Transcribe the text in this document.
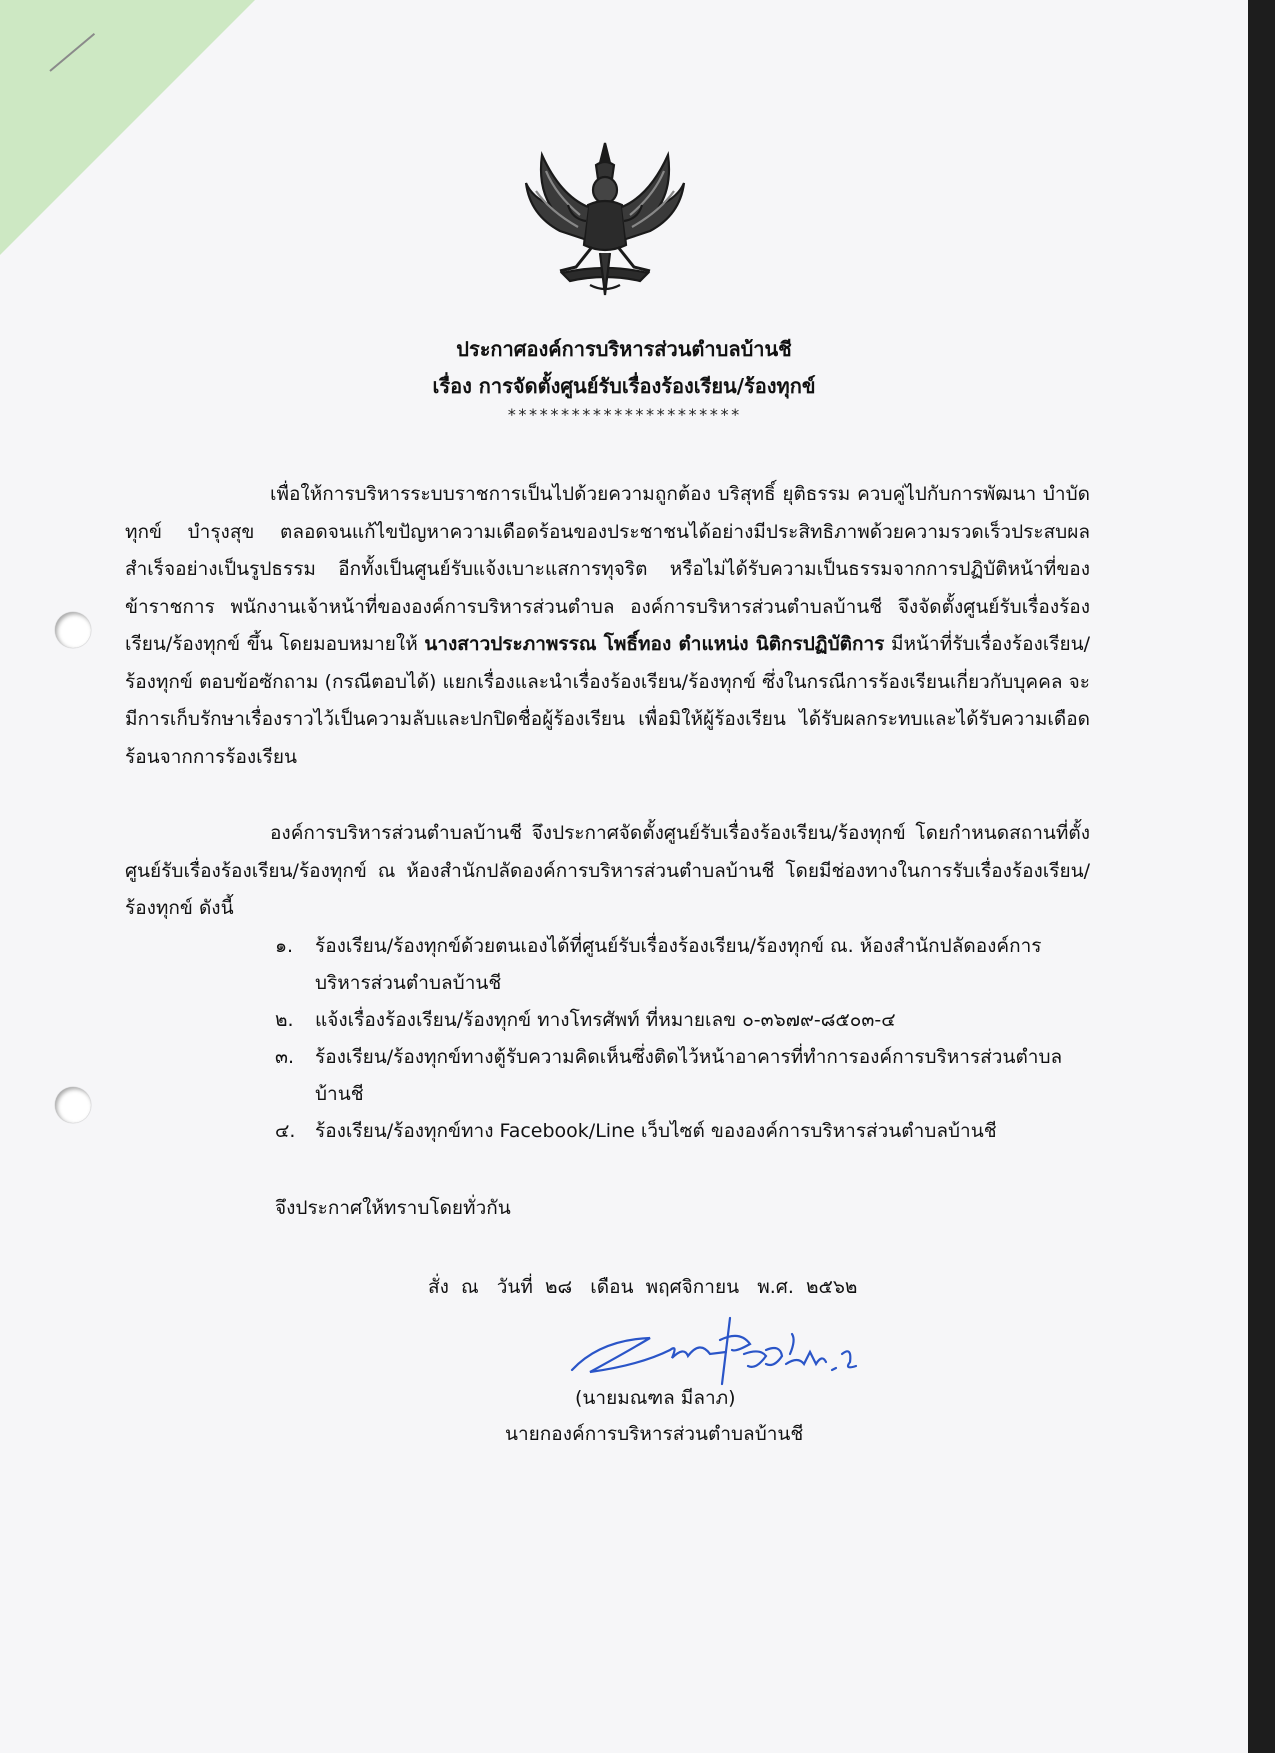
ประกาศองค์การบริหารส่วนตำบลบ้านชี
เรื่อง การจัดตั้งศูนย์รับเรื่องร้องเรียน/ร้องทุกข์
**********************
เพื่อให้การบริหารระบบราชการเป็นไปด้วยความถูกต้อง บริสุทธิ์ ยุติธรรม ควบคู่ไปกับการพัฒนา บำบัดทุกข์ บำรุงสุข ตลอดจนแก้ไขปัญหาความเดือดร้อนของประชาชนได้อย่างมีประสิทธิภาพด้วยความรวดเร็วประสบผลสำเร็จอย่างเป็นรูปธรรม อีกทั้งเป็นศูนย์รับแจ้งเบาะแสการทุจริต หรือไม่ได้รับความเป็นธรรมจากการปฏิบัติหน้าที่ของข้าราชการ พนักงานเจ้าหน้าที่ขององค์การบริหารส่วนตำบล องค์การบริหารส่วนตำบลบ้านชี จึงจัดตั้งศูนย์รับเรื่องร้องเรียน/ร้องทุกข์ ขึ้น โดยมอบหมายให้ นางสาวประภาพรรณ โพธิ์ทอง ตำแหน่ง นิติกรปฏิบัติการ มีหน้าที่รับเรื่องร้องเรียน/ร้องทุกข์ ตอบข้อซักถาม (กรณีตอบได้) แยกเรื่องและนำเรื่องร้องเรียน/ร้องทุกข์ ซึ่งในกรณีการร้องเรียนเกี่ยวกับบุคคล จะมีการเก็บรักษาเรื่องราวไว้เป็นความลับและปกปิดชื่อผู้ร้องเรียน เพื่อมิให้ผู้ร้องเรียน ได้รับผลกระทบและได้รับความเดือดร้อนจากการร้องเรียน
องค์การบริหารส่วนตำบลบ้านชี จึงประกาศจัดตั้งศูนย์รับเรื่องร้องเรียน/ร้องทุกข์ โดยกำหนดสถานที่ตั้งศูนย์รับเรื่องร้องเรียน/ร้องทุกข์ ณ ห้องสำนักปลัดองค์การบริหารส่วนตำบลบ้านชี โดยมีช่องทางในการรับเรื่องร้องเรียน/ร้องทุกข์ ดังนี้
๑. ร้องเรียน/ร้องทุกข์ด้วยตนเองได้ที่ศูนย์รับเรื่องร้องเรียน/ร้องทุกข์ ณ. ห้องสำนักปลัดองค์การบริหารส่วนตำบลบ้านชี
๒. แจ้งเรื่องร้องเรียน/ร้องทุกข์ ทางโทรศัพท์ ที่หมายเลข ๐-๓๖๗๙-๘๕๐๓-๔
๓. ร้องเรียน/ร้องทุกข์ทางตู้รับความคิดเห็นซึ่งติดไว้หน้าอาคารที่ทำการองค์การบริหารส่วนตำบลบ้านชี
๔. ร้องเรียน/ร้องทุกข์ทาง Facebook/Line เว็บไซต์ ขององค์การบริหารส่วนตำบลบ้านชี
จึงประกาศให้ทราบโดยทั่วกัน
สั่ง  ณ   วันที่  ๒๘   เดือน  พฤศจิกายน   พ.ศ.  ๒๕๖๒
(นายมณฑล มีลาภ)
นายกองค์การบริหารส่วนตำบลบ้านชี
